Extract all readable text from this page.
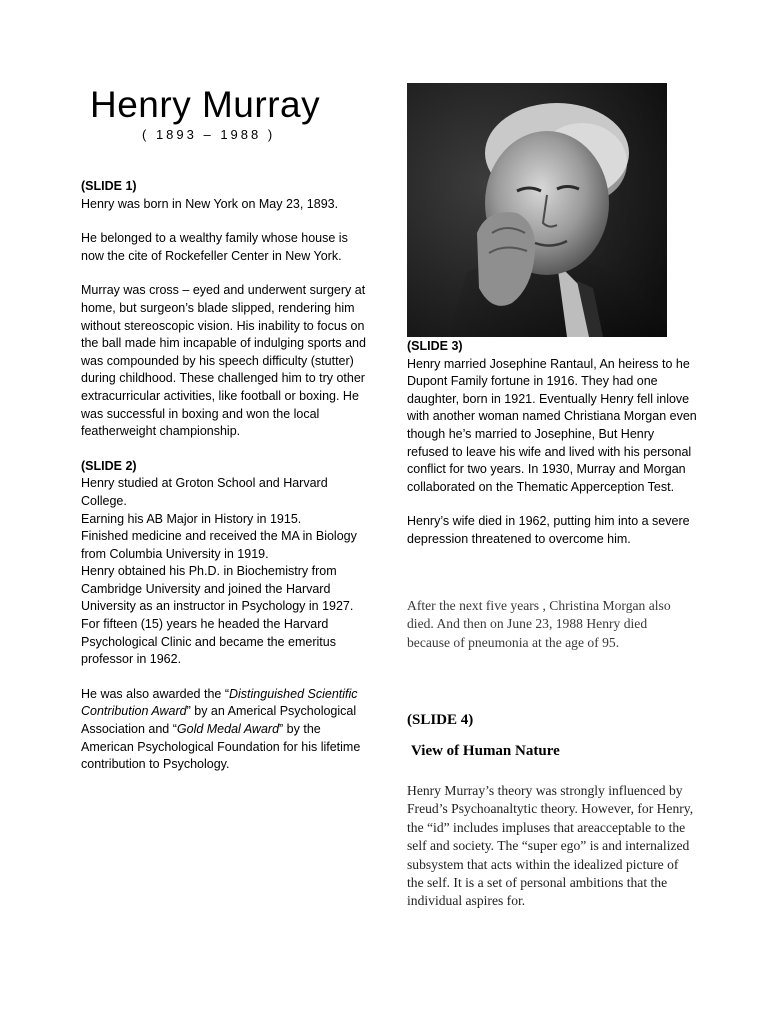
Henry Murray
( 1893 – 1988 )

(SLIDE 1)
Henry was born in New York on May 23, 1893.

He belonged to a wealthy family whose house is now the cite of Rockefeller Center in New York.

Murray was cross – eyed and underwent surgery at home, but surgeon’s blade slipped, rendering him without stereoscopic vision. His inability to focus on the ball made him incapable of indulging sports and was compounded by his speech difficulty (stutter) during childhood. These challenged him to try other extracurricular activities, like football or boxing. He was successful in boxing and won the local featherweight championship.

(SLIDE 2)
Henry studied at Groton School and Harvard College.
Earning his AB Major in History in 1915.
Finished medicine and received the MA in Biology from Columbia University in 1919.
Henry obtained his Ph.D. in Biochemistry from Cambridge University and joined the Harvard University as an instructor in Psychology in 1927.
For fifteen (15) years he headed the Harvard Psychological Clinic and became the emeritus professor in 1962.

He was also awarded the “Distinguished Scientific Contribution Award” by an Americal Psychological Association and “Gold Medal Award” by the American Psychological Foundation for his lifetime contribution to Psychology.

(SLIDE 3)
Henry married Josephine Rantaul, An heiress to he Dupont Family fortune in 1916. They had one daughter, born in 1921. Eventually Henry fell inlove with another woman named Christiana Morgan even though he’s married to Josephine, But Henry refused to leave his wife and lived with his personal conflict for two years. In 1930, Murray and Morgan collaborated on the Thematic Apperception Test.

Henry’s wife died in 1962, putting him into a severe depression threatened to overcome him.

After the next five years , Christina Morgan also died. And then on June 23, 1988 Henry died because of pneumonia at the age of 95.
(SLIDE 4)
View of Human Nature
Henry Murray’s theory was strongly influenced by Freud’s Psychoanaltytic theory. However, for Henry, the “id” includes impluses that areacceptable to the self and society. The “super ego” is and internalized subsystem that acts within the idealized picture of the self. It is a set of personal ambitions that the individual aspires for.
